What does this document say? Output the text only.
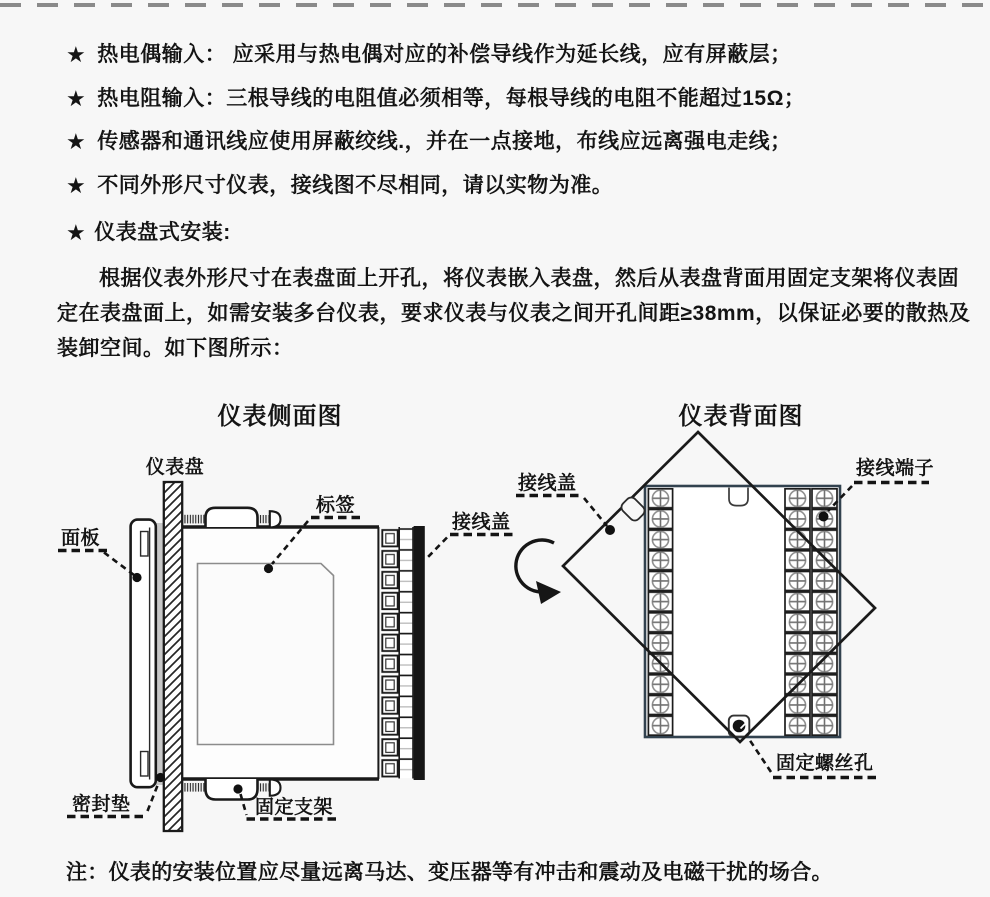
★ 热电偶输入： 应采用与热电偶对应的补偿导线作为延长线，应有屏蔽层；
★ 热电阻输入：三根导线的电阻值必须相等，每根导线的电阻不能超过15Ω；
★ 传感器和通讯线应使用屏蔽绞线.，并在一点接地，布线应远离强电走线；
★ 不同外形尺寸仪表，接线图不尽相同，请以实物为准。
★ 仪表盘式安装:
根据仪表外形尺寸在表盘面上开孔，将仪表嵌入表盘，然后从表盘背面用固定支架将仪表固定在表盘面上，如需安装多台仪表，要求仪表与仪表之间开孔间距≥38mm，以保证必要的散热及装卸空间。如下图所示：
仪表侧面图	仪表背面图
仪表盘
面板
标签
接线盖
密封垫	固定支架
接线盖
接线端子
固定螺丝孔
注：仪表的安装位置应尽量远离马达、变压器等有冲击和震动及电磁干扰的场合。
